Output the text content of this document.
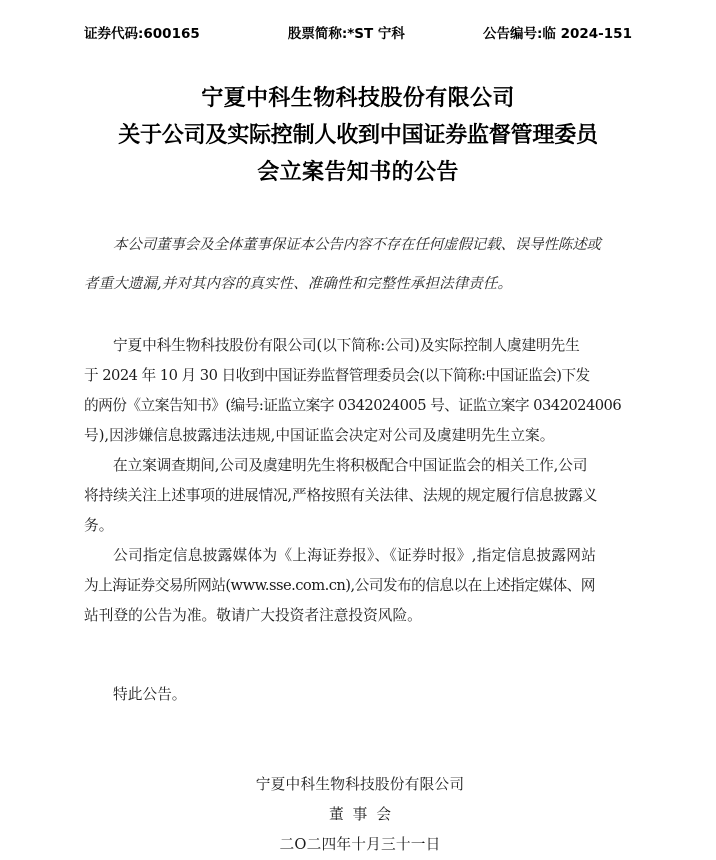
证券代码:600165	股票简称:*ST 宁科	公告编号:临 2024-151
宁夏中科生物科技股份有限公司
关于公司及实际控制人收到中国证券监督管理委员
会立案告知书的公告
本公司董事会及全体董事保证本公告内容不存在任何虚假记载、误导性陈述或
者重大遗漏,并对其内容的真实性、准确性和完整性承担法律责任。

宁夏中科生物科技股份有限公司(以下简称:公司)及实际控制人虞建明先生
于 2024 年 10 月 30 日收到中国证券监督管理委员会(以下简称:中国证监会)下发
的两份《立案告知书》(编号:证监立案字 0342024005 号、证监立案字 0342024006
号),因涉嫌信息披露违法违规,中国证监会决定对公司及虞建明先生立案。

在立案调查期间,公司及虞建明先生将积极配合中国证监会的相关工作,公司
将持续关注上述事项的进展情况,严格按照有关法律、法规的规定履行信息披露义
务。

公司指定信息披露媒体为《上海证券报》、《证券时报》,指定信息披露网站
为上海证券交易所网站(www.sse.com.cn),公司发布的信息以在上述指定媒体、网
站刊登的公告为准。敬请广大投资者注意投资风险。

特此公告。
宁夏中科生物科技股份有限公司
董事会
二O二四年十月三十一日
